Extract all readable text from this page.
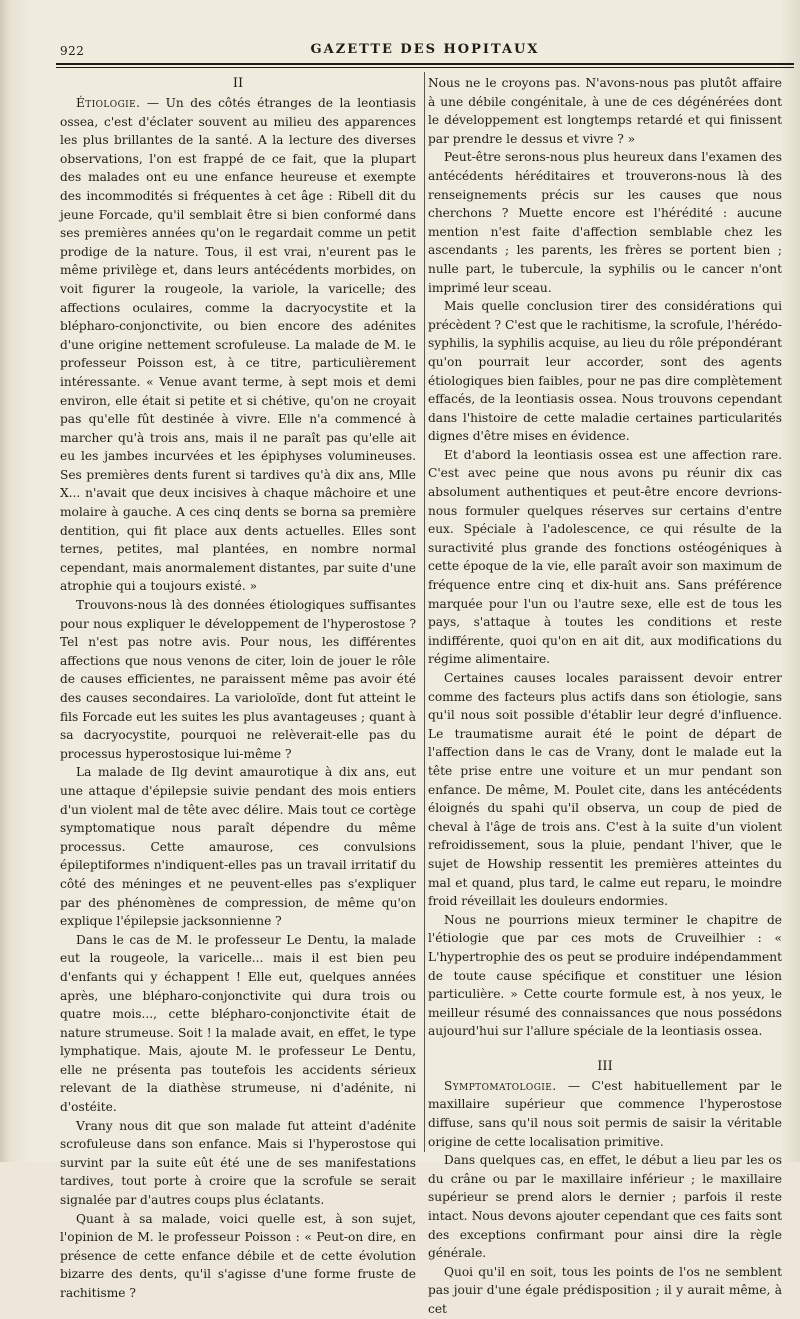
922	GAZETTE DES HOPITAUX
II

Étiologie. — Un des côtés étranges de la leontiasis ossea, c'est d'éclater souvent au milieu des apparences les plus brillantes de la santé. A la lecture des diverses observations, l'on est frappé de ce fait, que la plupart des malades ont eu une enfance heureuse et exempte des incommodités si fréquentes à cet âge : Ribell dit du jeune Forcade, qu'il semblait être si bien conformé dans ses premières années qu'on le regardait comme un petit prodige de la nature. Tous, il est vrai, n'eurent pas le même privilège et, dans leurs antécédents morbides, on voit figurer la rougeole, la variole, la varicelle; des affections oculaires, comme la dacryocystite et la blépharo-conjonctivite, ou bien encore des adénites d'une origine nettement scrofuleuse. La malade de M. le professeur Poisson est, à ce titre, particulièrement intéressante. « Venue avant terme, à sept mois et demi environ, elle était si petite et si chétive, qu'on ne croyait pas qu'elle fût destinée à vivre. Elle n'a commencé à marcher qu'à trois ans, mais il ne paraît pas qu'elle ait eu les jambes incurvées et les épiphyses volumineuses. Ses premières dents furent si tardives qu'à dix ans, Mlle X... n'avait que deux incisives à chaque mâchoire et une molaire à gauche. A ces cinq dents se borna sa première dentition, qui fit place aux dents actuelles. Elles sont ternes, petites, mal plantées, en nombre normal cependant, mais anormalement distantes, par suite d'une atrophie qui a toujours existé. »

Trouvons-nous là des données étiologiques suffisantes pour nous expliquer le développement de l'hyperostose ? Tel n'est pas notre avis. Pour nous, les différentes affections que nous venons de citer, loin de jouer le rôle de causes efficientes, ne paraissent même pas avoir été des causes secondaires. La varioloïde, dont fut atteint le fils Forcade eut les suites les plus avantageuses ; quant à sa dacryocystite, pourquoi ne relèverait-elle pas du processus hyperostosique lui-même ?

La malade de Ilg devint amaurotique à dix ans, eut une attaque d'épilepsie suivie pendant des mois entiers d'un violent mal de tête avec délire. Mais tout ce cortège symptomatique nous paraît dépendre du même processus. Cette amaurose, ces convulsions épileptiformes n'indiquent-elles pas un travail irritatif du côté des méninges et ne peuvent-elles pas s'expliquer par des phénomènes de compression, de même qu'on explique l'épilepsie jacksonnienne ?

Dans le cas de M. le professeur Le Dentu, la malade eut la rougeole, la varicelle... mais il est bien peu d'enfants qui y échappent ! Elle eut, quelques années après, une blépharo-conjonctivite qui dura trois ou quatre mois..., cette blépharo-conjonctivite était de nature strumeuse. Soit ! la malade avait, en effet, le type lymphatique. Mais, ajoute M. le professeur Le Dentu, elle ne présenta pas toutefois les accidents sérieux relevant de la diathèse strumeuse, ni d'adénite, ni d'ostéite.

Vrany nous dit que son malade fut atteint d'adénite scrofuleuse dans son enfance. Mais si l'hyperostose qui survint par la suite eût été une de ses manifestations tardives, tout porte à croire que la scrofule se serait signalée par d'autres coups plus éclatants.

Quant à sa malade, voici quelle est, à son sujet, l'opinion de M. le professeur Poisson : « Peut-on dire, en présence de cette enfance débile et de cette évolution bizarre des dents, qu'il s'agisse d'une forme fruste de rachitisme ?

Nous ne le croyons pas. N'avons-nous pas plutôt affaire à une débile congénitale, à une de ces dégénérées dont le développement est longtemps retardé et qui finissent par prendre le dessus et vivre ? »

Peut-être serons-nous plus heureux dans l'examen des antécédents héréditaires et trouverons-nous là des renseignements précis sur les causes que nous cherchons ? Muette encore est l'hérédité : aucune mention n'est faite d'affection semblable chez les ascendants ; les parents, les frères se portent bien ; nulle part, le tubercule, la syphilis ou le cancer n'ont imprimé leur sceau.

Mais quelle conclusion tirer des considérations qui précèdent ? C'est que le rachitisme, la scrofule, l'hérédo-syphilis, la syphilis acquise, au lieu du rôle prépondérant qu'on pourrait leur accorder, sont des agents étiologiques bien faibles, pour ne pas dire complètement effacés, de la leontiasis ossea. Nous trouvons cependant dans l'histoire de cette maladie certaines particularités dignes d'être mises en évidence.

Et d'abord la leontiasis ossea est une affection rare. C'est avec peine que nous avons pu réunir dix cas absolument authentiques et peut-être encore devrions-nous formuler quelques réserves sur certains d'entre eux. Spéciale à l'adolescence, ce qui résulte de la suractivité plus grande des fonctions ostéogéniques à cette époque de la vie, elle paraît avoir son maximum de fréquence entre cinq et dix-huit ans. Sans préférence marquée pour l'un ou l'autre sexe, elle est de tous les pays, s'attaque à toutes les conditions et reste indifférente, quoi qu'on en ait dit, aux modifications du régime alimentaire.

Certaines causes locales paraissent devoir entrer comme des facteurs plus actifs dans son étiologie, sans qu'il nous soit possible d'établir leur degré d'influence. Le traumatisme aurait été le point de départ de l'affection dans le cas de Vrany, dont le malade eut la tête prise entre une voiture et un mur pendant son enfance. De même, M. Poulet cite, dans les antécédents éloignés du spahi qu'il observa, un coup de pied de cheval à l'âge de trois ans. C'est à la suite d'un violent refroidissement, sous la pluie, pendant l'hiver, que le sujet de Howship ressentit les premières atteintes du mal et quand, plus tard, le calme eut reparu, le moindre froid réveillait les douleurs endormies.

Nous ne pourrions mieux terminer le chapitre de l'étiologie que par ces mots de Cruveilhier : « L'hypertrophie des os peut se produire indépendamment de toute cause spécifique et constituer une lésion particulière. » Cette courte formule est, à nos yeux, le meilleur résumé des connaissances que nous possédons aujourd'hui sur l'allure spéciale de la leontiasis ossea.

III

Symptomatologie. — C'est habituellement par le maxillaire supérieur que commence l'hyperostose diffuse, sans qu'il nous soit permis de saisir la véritable origine de cette localisation primitive.

Dans quelques cas, en effet, le début a lieu par les os du crâne ou par le maxillaire inférieur ; le maxillaire supérieur se prend alors le dernier ; parfois il reste intact. Nous devons ajouter cependant que ces faits sont des exceptions confirmant pour ainsi dire la règle générale.

Quoi qu'il en soit, tous les points de l'os ne semblent pas jouir d'une égale prédisposition ; il y aurait même, à cet
